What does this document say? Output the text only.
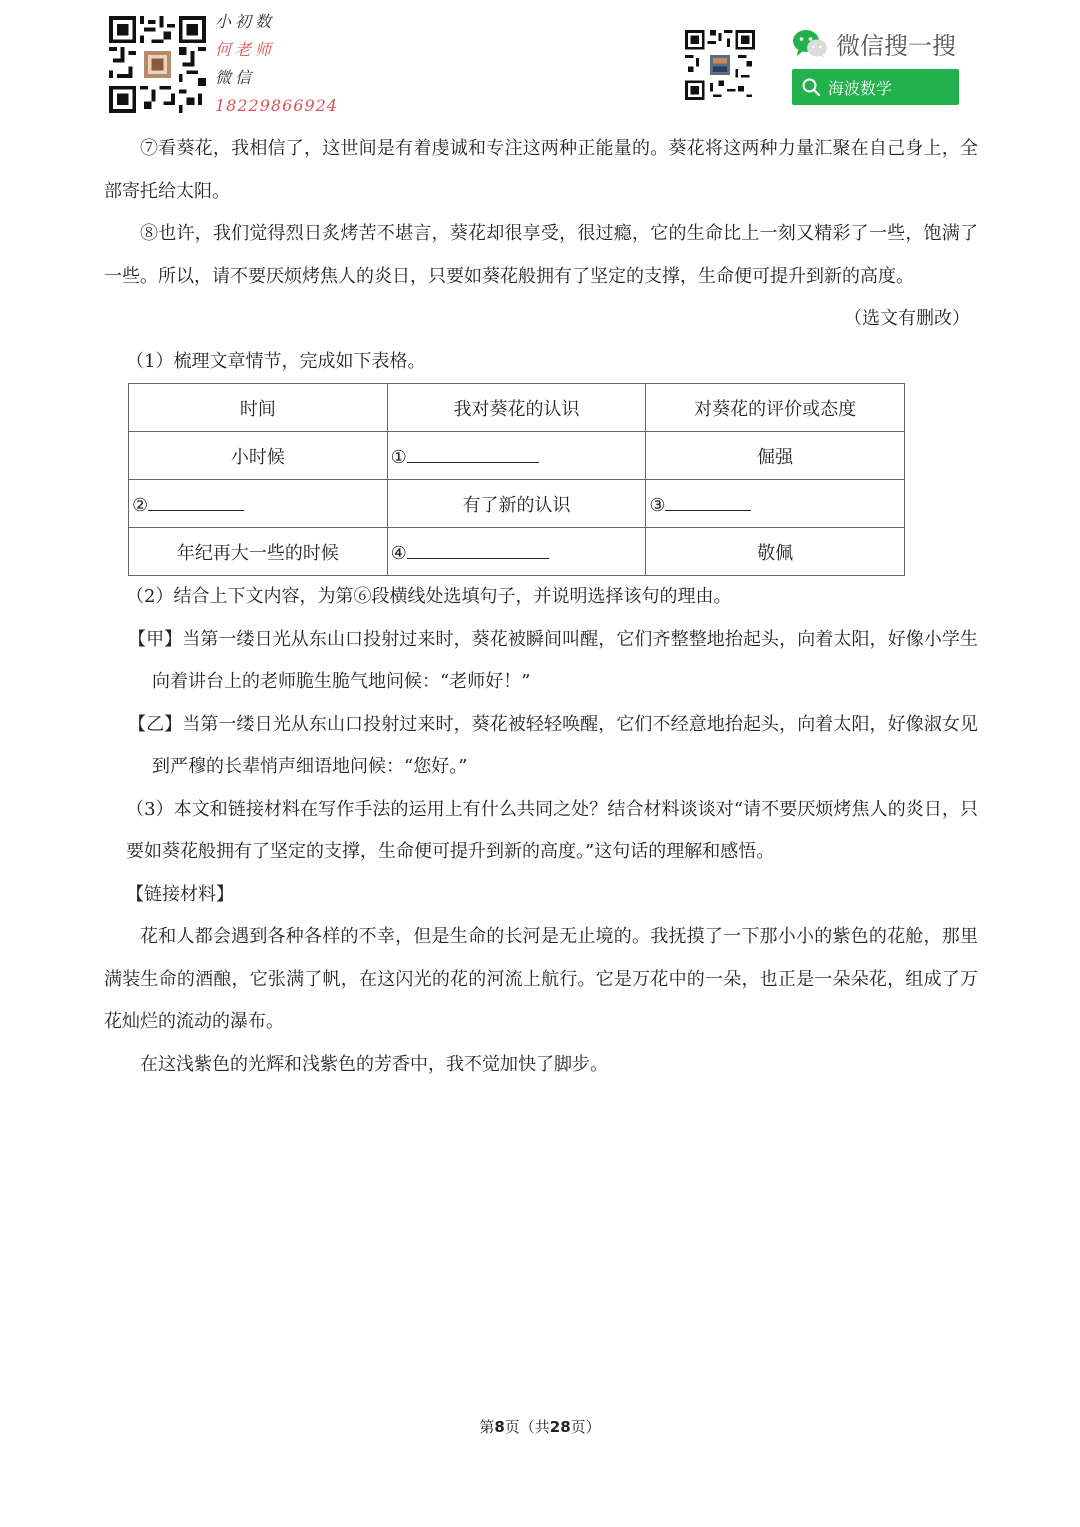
小初数
何老师
微信
18229866924
微信搜一搜
海波数学

⑦看葵花，我相信了，这世间是有着虔诚和专注这两种正能量的。葵花将这两种力量汇聚在自己身上，全部寄托给太阳。

⑧也许，我们觉得烈日炙烤苦不堪言，葵花却很享受，很过瘾，它的生命比上一刻又精彩了一些，饱满了一些。所以，请不要厌烦烤焦人的炎日，只要如葵花般拥有了坚定的支撑，生命便可提升到新的高度。

（选文有删改）

（1）梳理文章情节，完成如下表格。

时间	我对葵花的认识	对葵花的评价或态度
小时候	①	倔强
②	有了新的认识	③
年纪再大一些的时候	④	敬佩

（2）结合上下文内容，为第⑥段横线处选填句子，并说明选择该句的理由。

【甲】当第一缕日光从东山口投射过来时，葵花被瞬间叫醒，它们齐整整地抬起头，向着太阳，好像小学生向着讲台上的老师脆生脆气地问候：“老师好！”

【乙】当第一缕日光从东山口投射过来时，葵花被轻轻唤醒，它们不经意地抬起头，向着太阳，好像淑女见到严穆的长辈悄声细语地问候：“您好。”

（3）本文和链接材料在写作手法的运用上有什么共同之处？结合材料谈谈对“请不要厌烦烤焦人的炎日，只要如葵花般拥有了坚定的支撑，生命便可提升到新的高度。”这句话的理解和感悟。

【链接材料】

花和人都会遇到各种各样的不幸，但是生命的长河是无止境的。我抚摸了一下那小小的紫色的花舱，那里满装生命的酒酿，它张满了帆，在这闪光的花的河流上航行。它是万花中的一朵，也正是一朵朵花，组成了万花灿烂的流动的瀑布。

在这浅紫色的光辉和浅紫色的芳香中，我不觉加快了脚步。

第8页（共28页）
